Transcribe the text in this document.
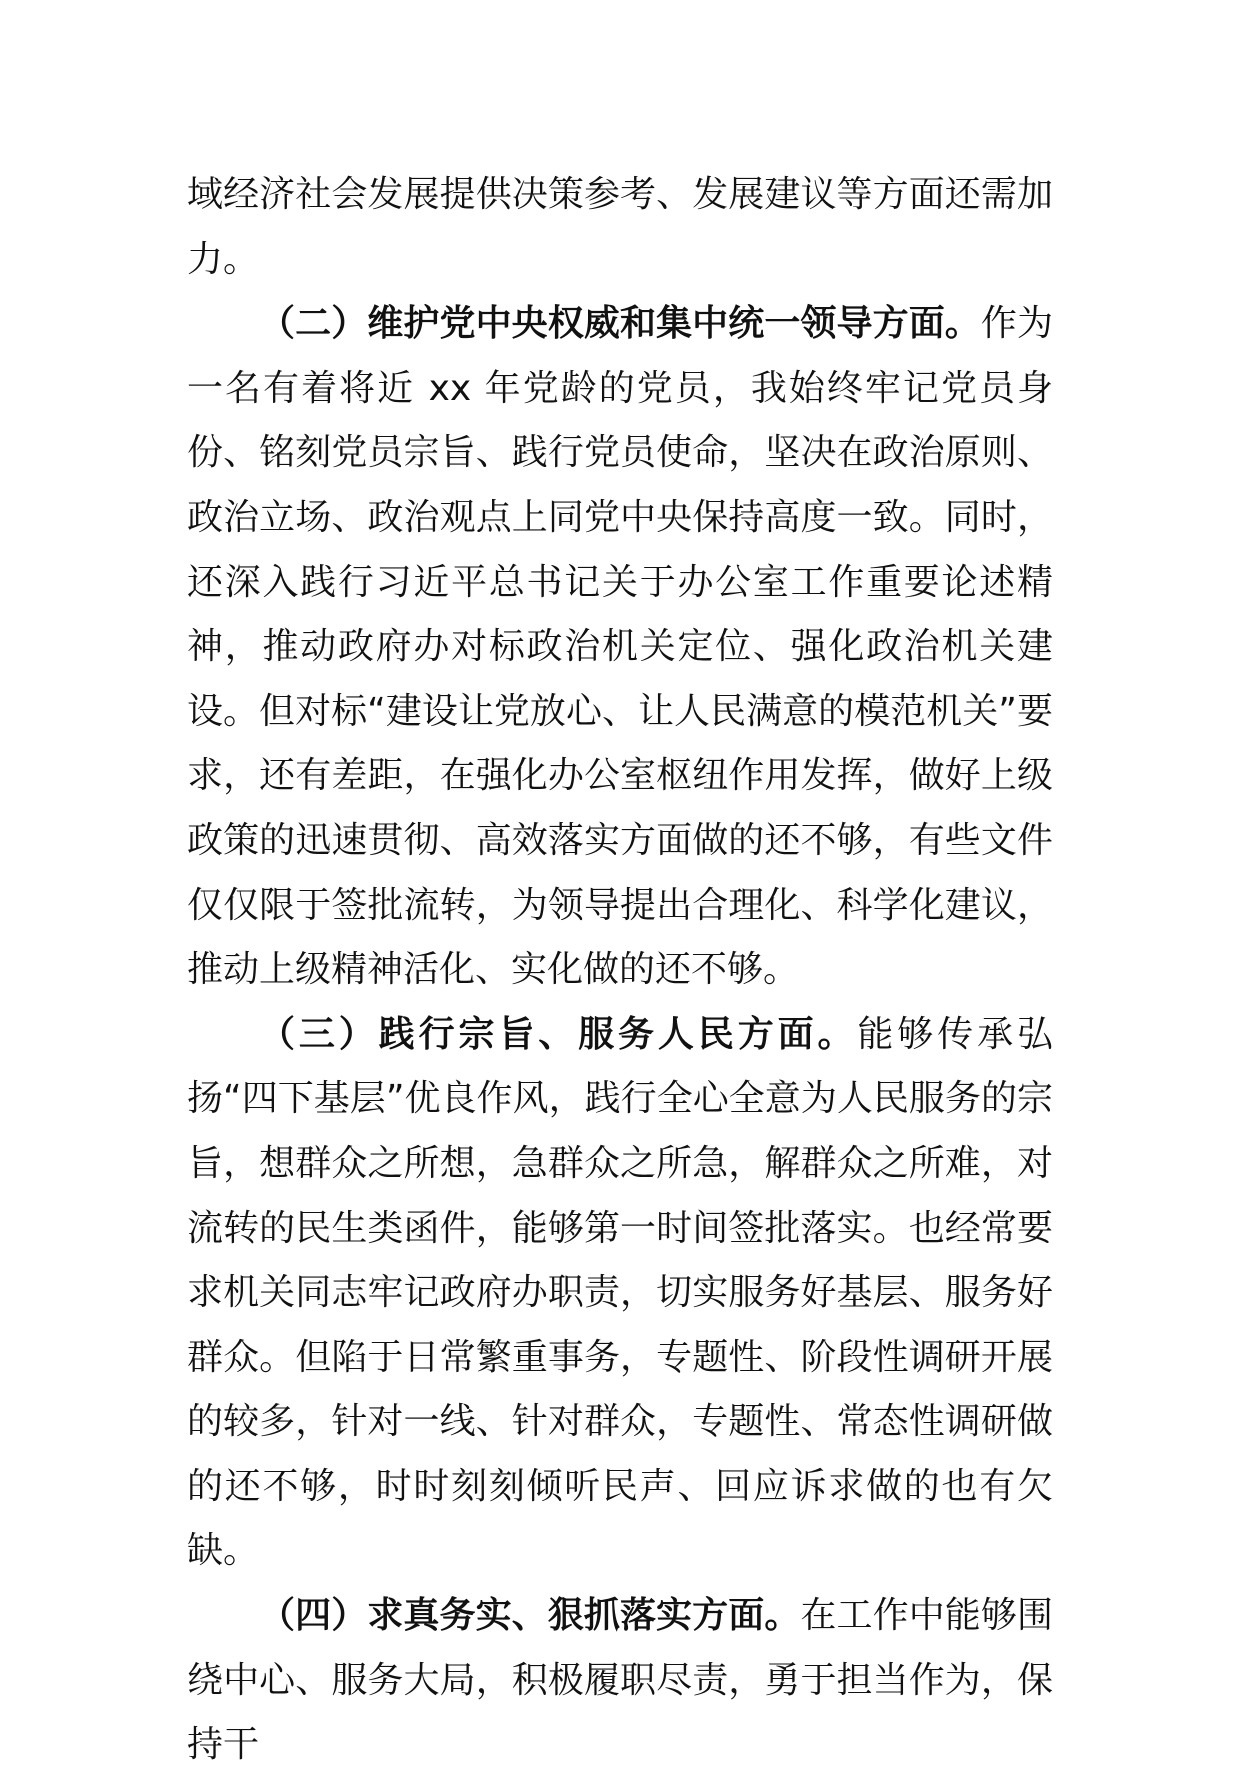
域经济社会发展提供决策参考、发展建议等方面还需加力。

（二）维护党中央权威和集中统一领导方面。作为一名有着将近 xx 年党龄的党员，我始终牢记党员身份、铭刻党员宗旨、践行党员使命，坚决在政治原则、政治立场、政治观点上同党中央保持高度一致。同时，还深入践行习近平总书记关于办公室工作重要论述精神，推动政府办对标政治机关定位、强化政治机关建设。但对标“建设让党放心、让人民满意的模范机关”要求，还有差距，在强化办公室枢纽作用发挥，做好上级政策的迅速贯彻、高效落实方面做的还不够，有些文件仅仅限于签批流转，为领导提出合理化、科学化建议，推动上级精神活化、实化做的还不够。

（三）践行宗旨、服务人民方面。能够传承弘扬“四下基层”优良作风，践行全心全意为人民服务的宗旨，想群众之所想，急群众之所急，解群众之所难，对流转的民生类函件，能够第一时间签批落实。也经常要求机关同志牢记政府办职责，切实服务好基层、服务好群众。但陷于日常繁重事务，专题性、阶段性调研开展的较多，针对一线、针对群众，专题性、常态性调研做的还不够，时时刻刻倾听民声、回应诉求做的也有欠缺。

（四）求真务实、狠抓落实方面。在工作中能够围绕中心、服务大局，积极履职尽责，勇于担当作为，保持干
